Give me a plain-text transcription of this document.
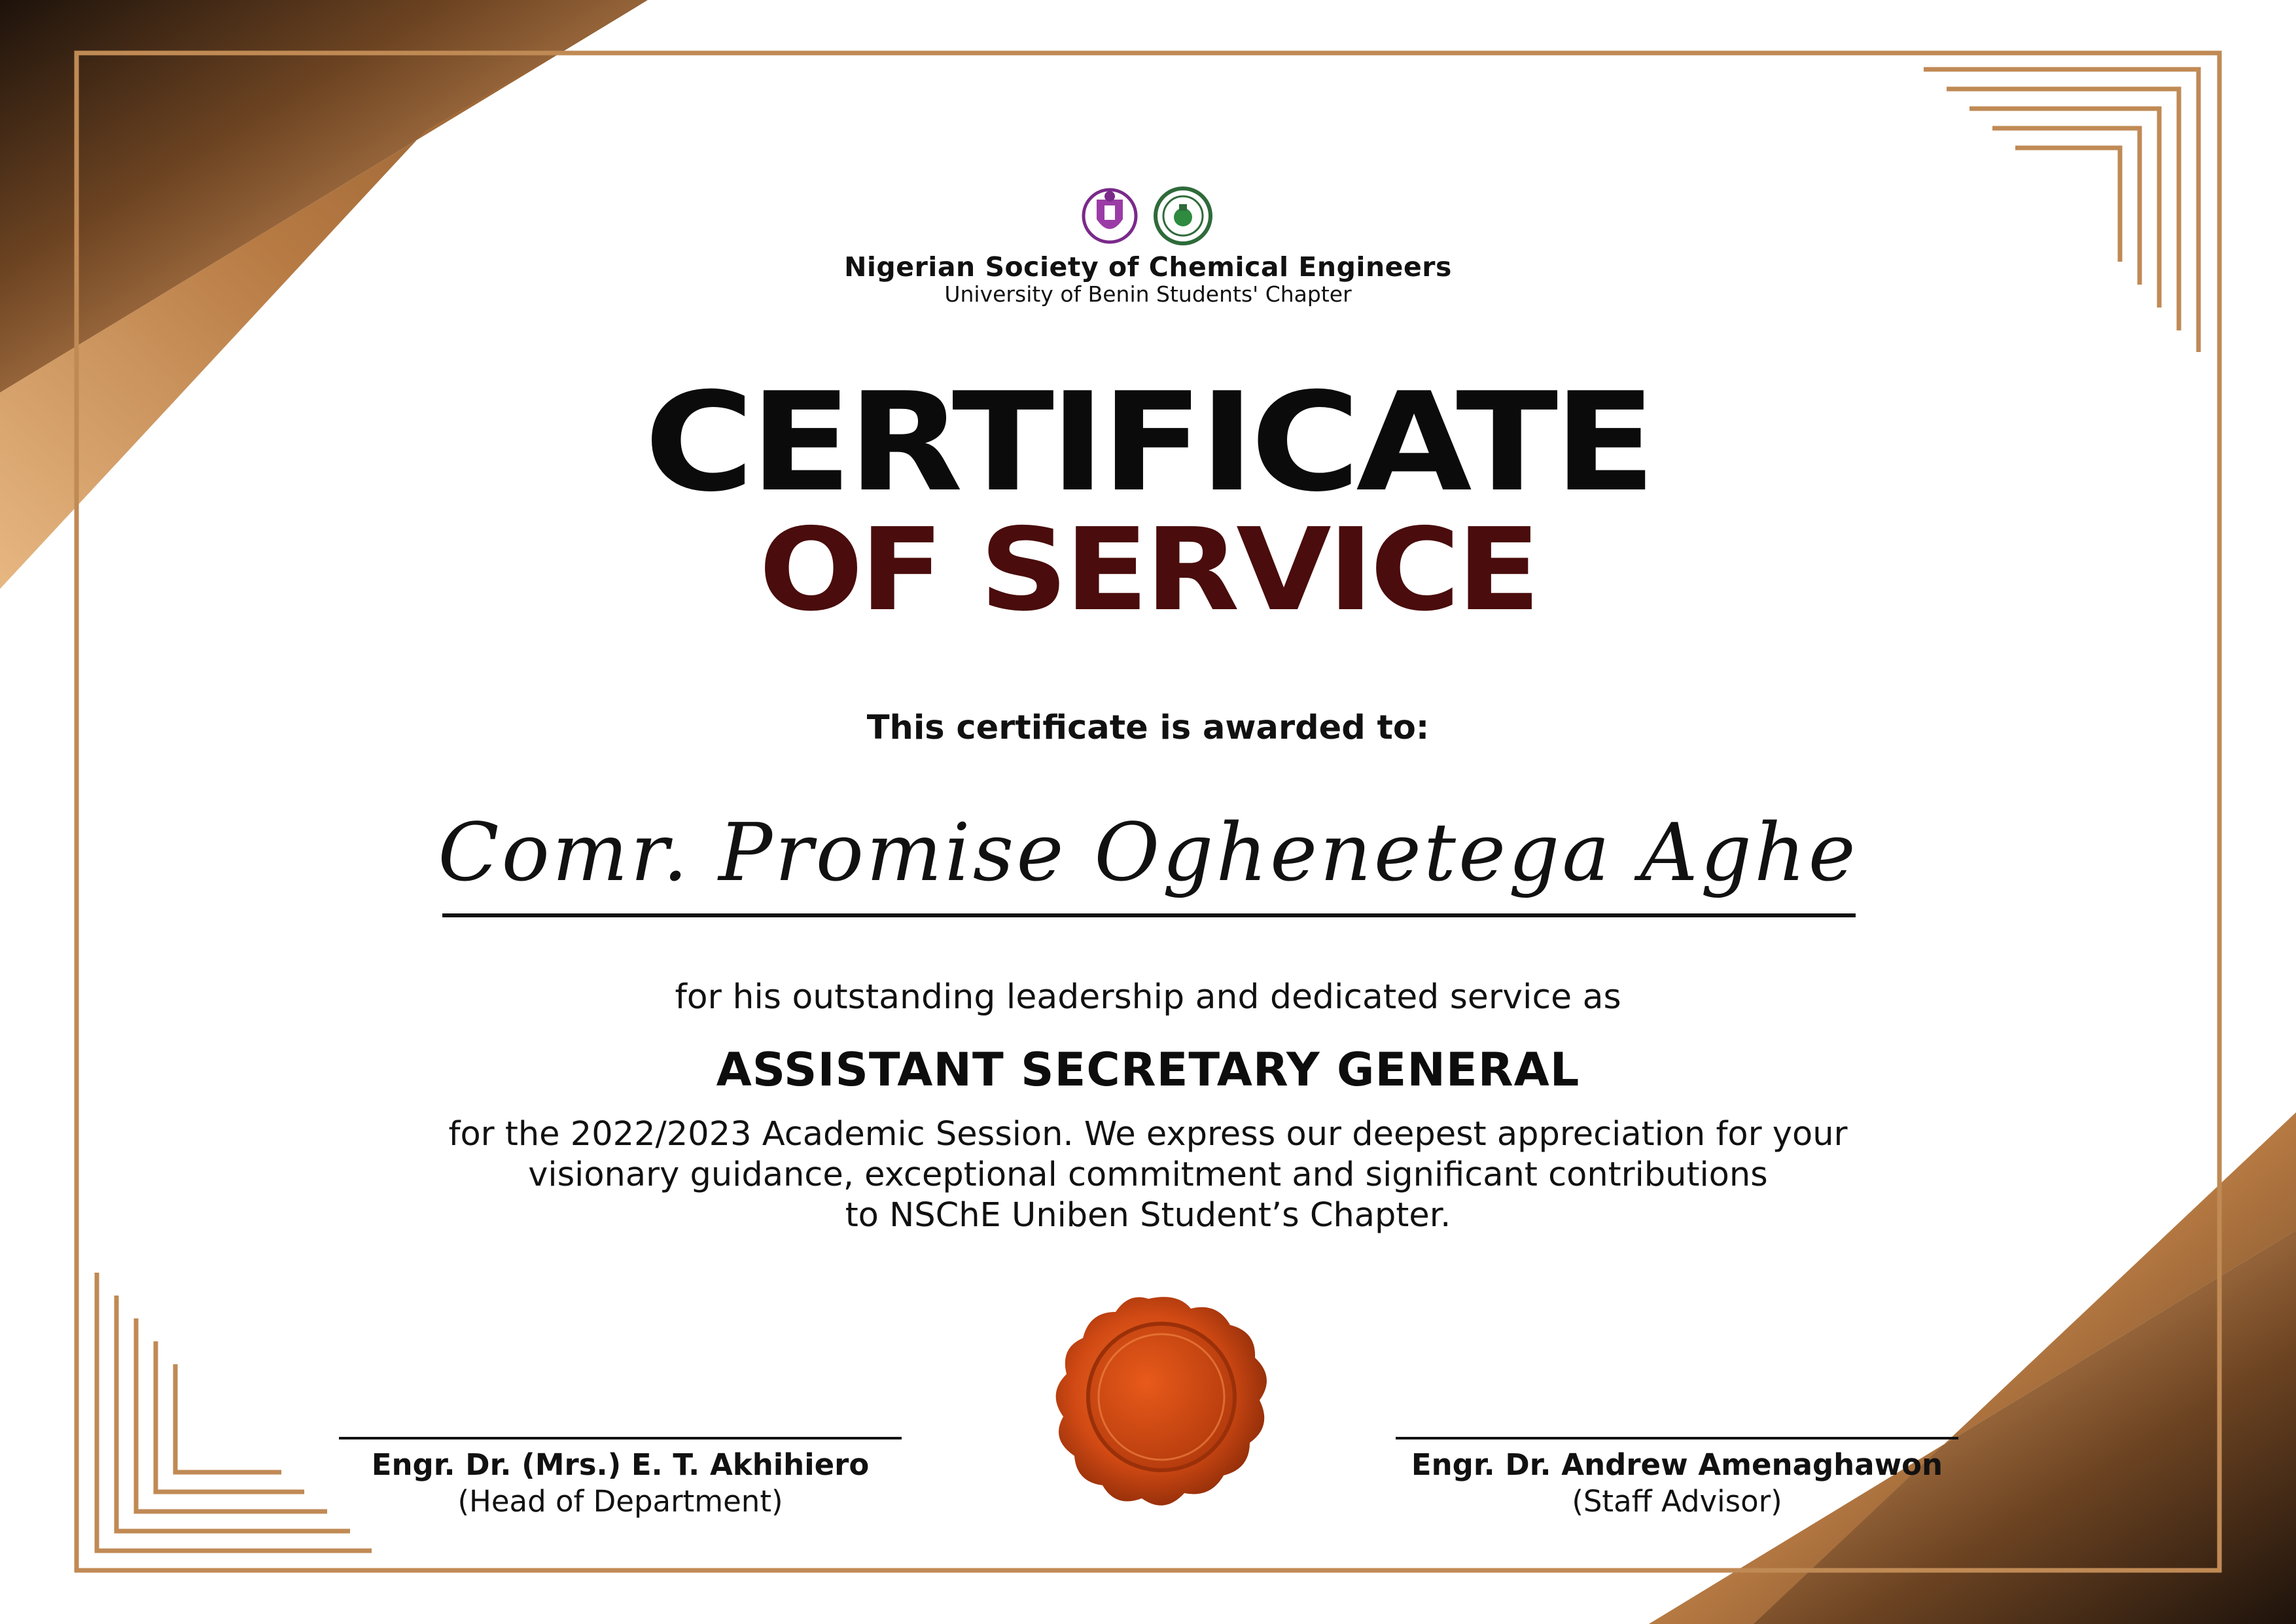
Nigerian Society of Chemical Engineers
University of Benin Students' Chapter
CERTIFICATE
OF SERVICE
This certificate is awarded to:
Comr. Promise Oghenetega Aghe
for his outstanding leadership and dedicated service as
ASSISTANT SECRETARY GENERAL
for the 2022/2023 Academic Session. We express our deepest appreciation for your
visionary guidance, exceptional commitment and significant contributions
to NSChE Uniben Student’s Chapter.
Engr. Dr. (Mrs.) E. T. Akhihiero
(Head of Department)
Engr. Dr. Andrew Amenaghawon
(Staff Advisor)
